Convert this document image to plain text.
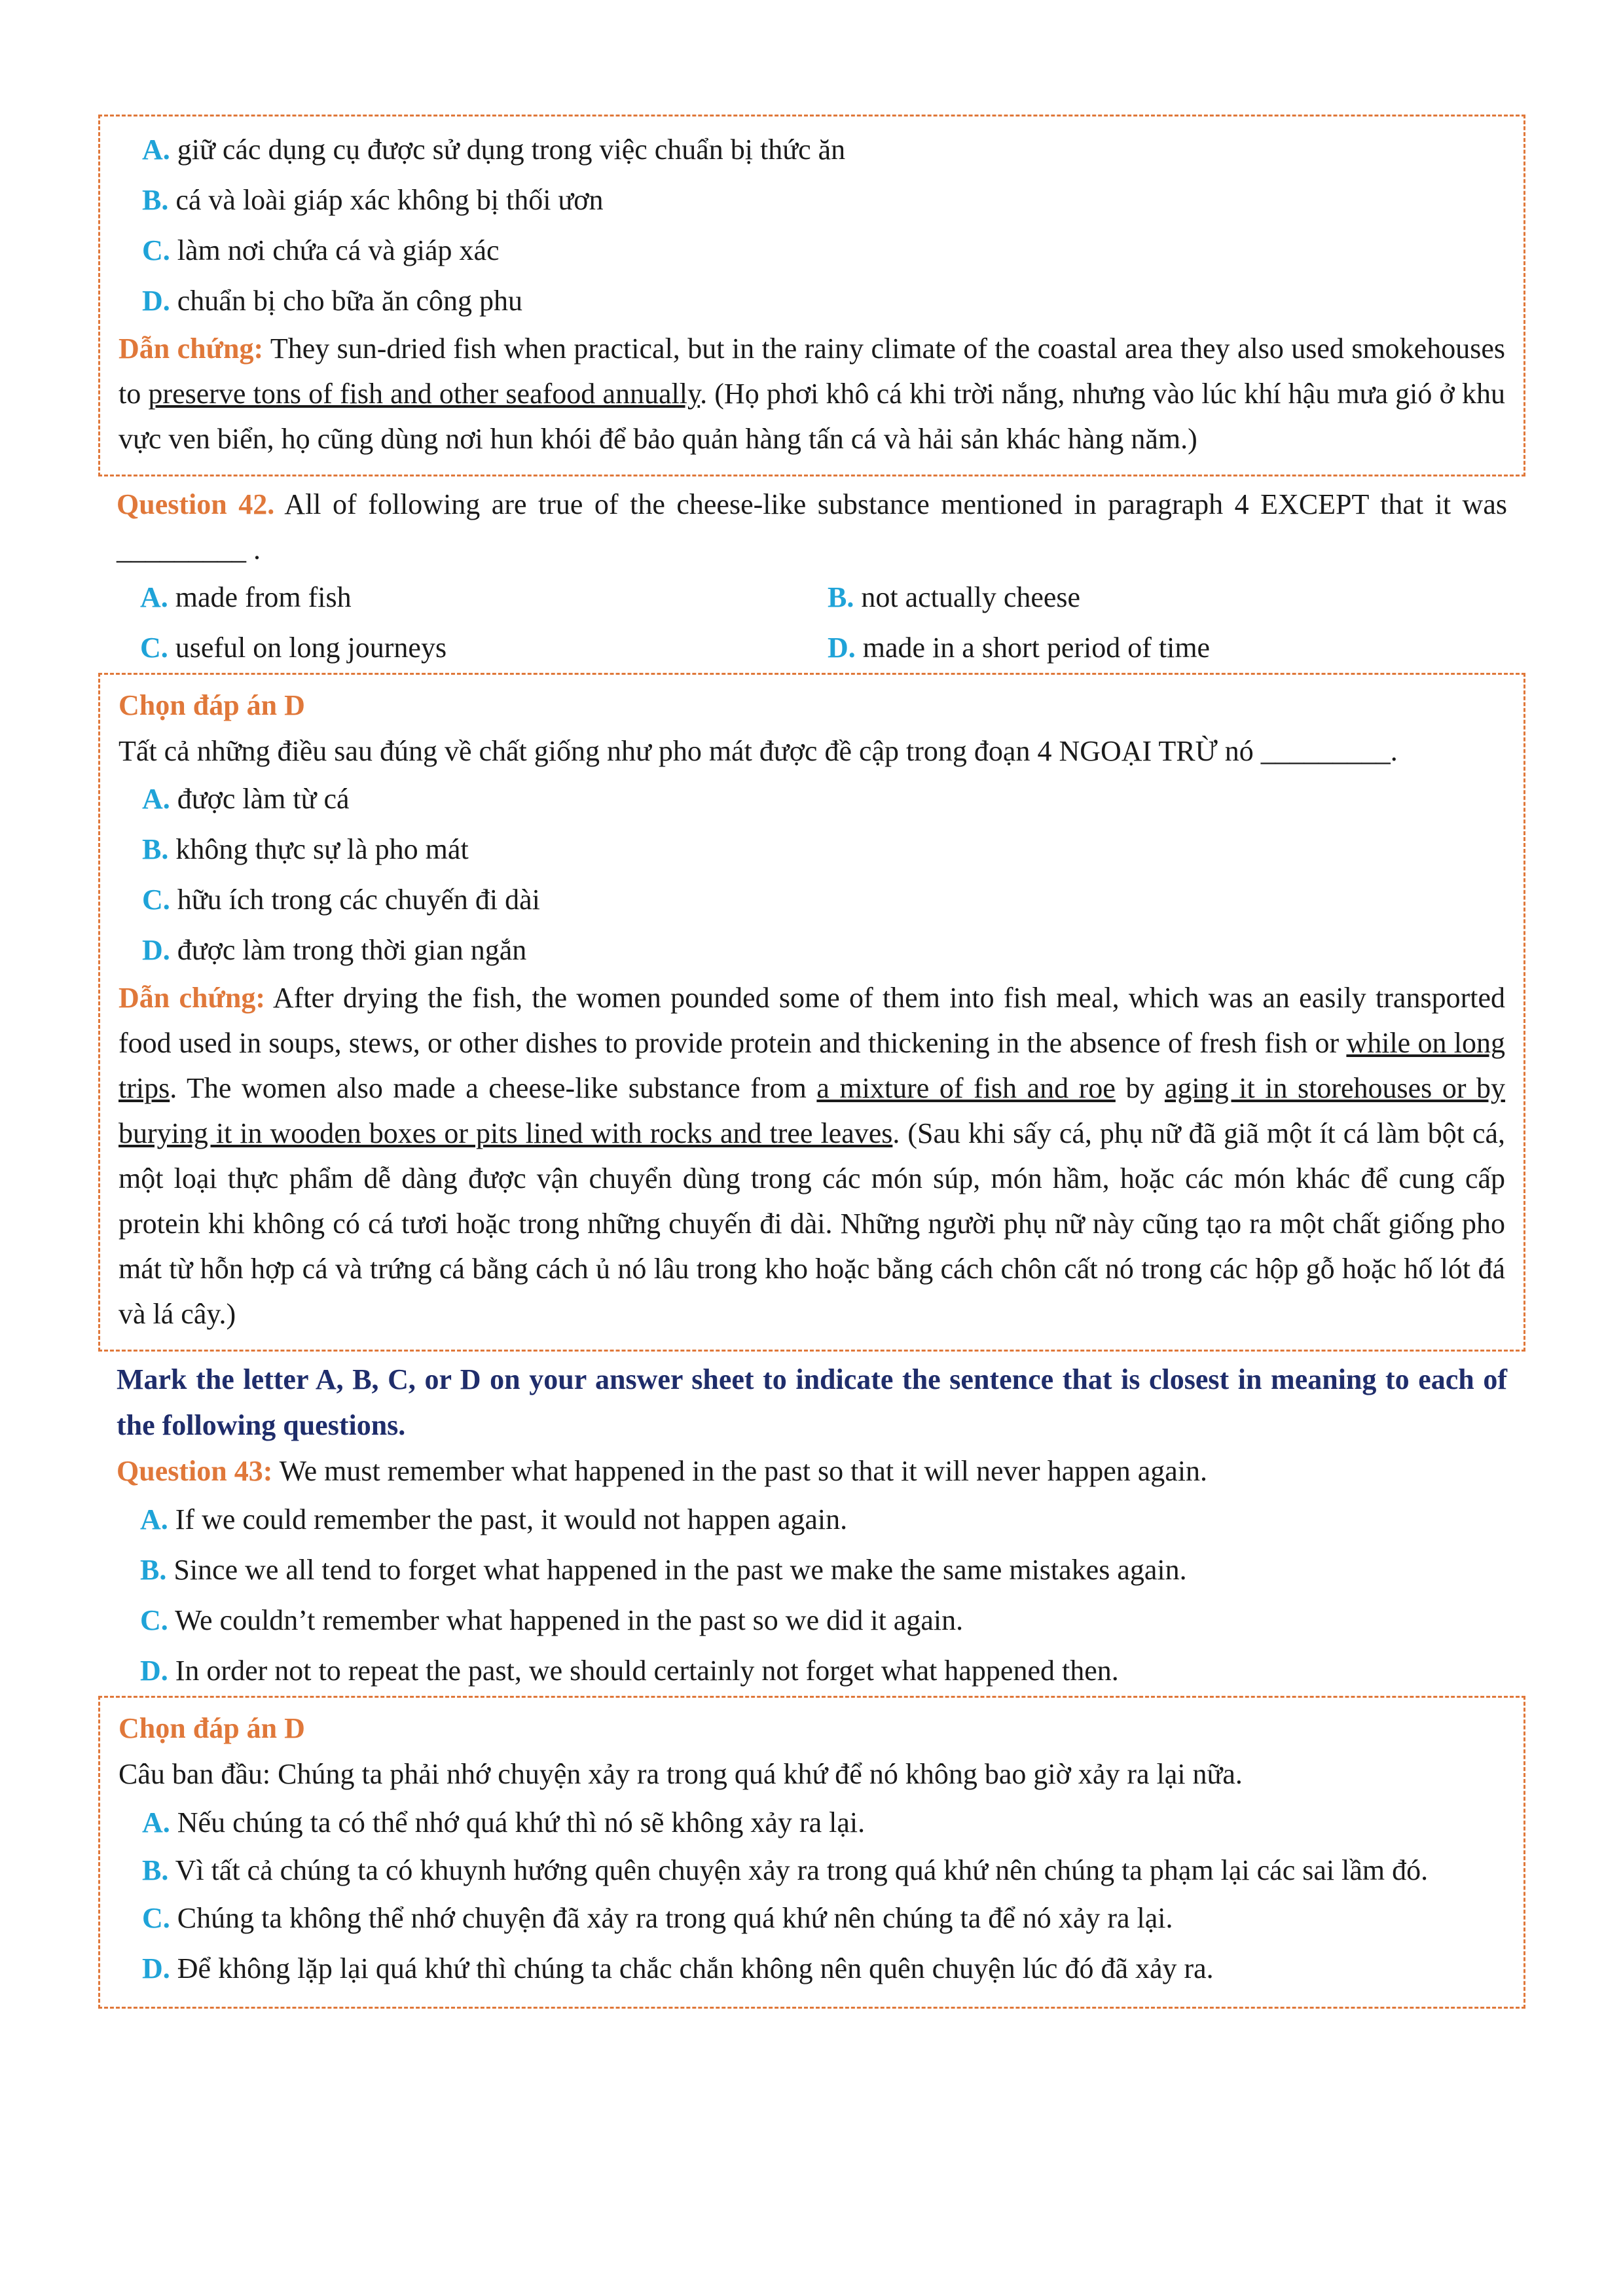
A. giữ các dụng cụ được sử dụng trong việc chuẩn bị thức ăn
B. cá và loài giáp xác không bị thối ươn
C. làm nơi chứa cá và giáp xác
D. chuẩn bị cho bữa ăn công phu
Dẫn chứng: They sun-dried fish when practical, but in the rainy climate of the coastal area they also used smokehouses to preserve tons of fish and other seafood annually. (Họ phơi khô cá khi trời nắng, nhưng vào lúc khí hậu mưa gió ở khu vực ven biển, họ cũng dùng nơi hun khói để bảo quản hàng tấn cá và hải sản khác hàng năm.)
Question 42. All of following are true of the cheese-like substance mentioned in paragraph 4 EXCEPT that it was _________ .
A. made from fish	B. not actually cheese
C. useful on long journeys	D. made in a short period of time
Chọn đáp án D
Tất cả những điều sau đúng về chất giống như pho mát được đề cập trong đoạn 4 NGOẠI TRỪ nó _________.
A. được làm từ cá
B. không thực sự là pho mát
C. hữu ích trong các chuyến đi dài
D. được làm trong thời gian ngắn
Dẫn chứng: After drying the fish, the women pounded some of them into fish meal, which was an easily transported food used in soups, stews, or other dishes to provide protein and thickening in the absence of fresh fish or while on long trips. The women also made a cheese-like substance from a mixture of fish and roe by aging it in storehouses or by burying it in wooden boxes or pits lined with rocks and tree leaves. (Sau khi sấy cá, phụ nữ đã giã một ít cá làm bột cá, một loại thực phẩm dễ dàng được vận chuyển dùng trong các món súp, món hầm, hoặc các món khác để cung cấp protein khi không có cá tươi hoặc trong những chuyến đi dài. Những người phụ nữ này cũng tạo ra một chất giống pho mát từ hỗn hợp cá và trứng cá bằng cách ủ nó lâu trong kho hoặc bằng cách chôn cất nó trong các hộp gỗ hoặc hố lót đá và lá cây.)
Mark the letter A, B, C, or D on your answer sheet to indicate the sentence that is closest in meaning to each of the following questions.
Question 43: We must remember what happened in the past so that it will never happen again.
A. If we could remember the past, it would not happen again.
B. Since we all tend to forget what happened in the past we make the same mistakes again.
C. We couldn’t remember what happened in the past so we did it again.
D. In order not to repeat the past, we should certainly not forget what happened then.
Chọn đáp án D
Câu ban đầu: Chúng ta phải nhớ chuyện xảy ra trong quá khứ để nó không bao giờ xảy ra lại nữa.
A. Nếu chúng ta có thể nhớ quá khứ thì nó sẽ không xảy ra lại.
B. Vì tất cả chúng ta có khuynh hướng quên chuyện xảy ra trong quá khứ nên chúng ta phạm lại các sai lầm đó.
C. Chúng ta không thể nhớ chuyện đã xảy ra trong quá khứ nên chúng ta để nó xảy ra lại.
D. Để không lặp lại quá khứ thì chúng ta chắc chắn không nên quên chuyện lúc đó đã xảy ra.
